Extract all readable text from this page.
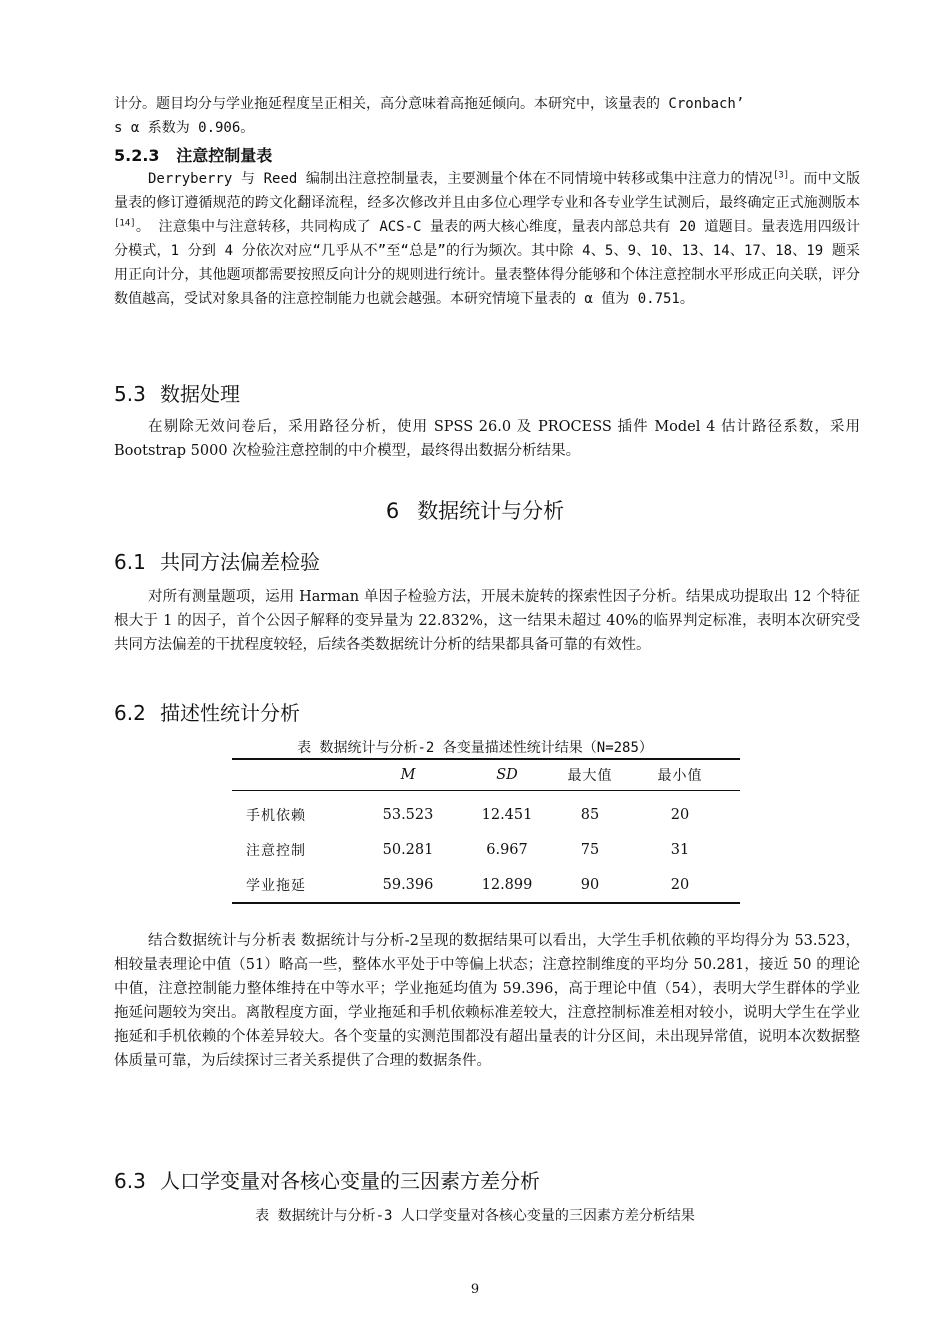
计分。题目均分与学业拖延程度呈正相关，高分意味着高拖延倾向。本研究中，该量表的 Cronbach’
s α 系数为 0.906。
5.2.3 注意控制量表
Derryberry 与 Reed 编制出注意控制量表，主要测量个体在不同情境中转移或集中注意力的情况[3]。而中文版量表的修订遵循规范的跨文化翻译流程，经多次修改并且由多位心理学专业和各专业学生试测后，最终确定正式施测版本[14]。 注意集中与注意转移，共同构成了 ACS-C 量表的两大核心维度，量表内部总共有 20 道题目。量表选用四级计分模式，1 分到 4 分依次对应“几乎从不”至“总是”的行为频次。其中除 4、5、9、10、13、14、17、18、19 题采用正向计分，其他题项都需要按照反向计分的规则进行统计。量表整体得分能够和个体注意控制水平形成正向关联，评分数值越高，受试对象具备的注意控制能力也就会越强。本研究情境下量表的 α 值为 0.751。
5.3 数据处理
在剔除无效问卷后，采用路径分析，使用 SPSS 26.0 及 PROCESS 插件 Model 4 估计路径系数，采用 Bootstrap 5000 次检验注意控制的中介模型，最终得出数据分析结果。
6 数据统计与分析
6.1 共同方法偏差检验
对所有测量题项，运用 Harman 单因子检验方法，开展未旋转的探索性因子分析。结果成功提取出 12 个特征根大于 1 的因子，首个公因子解释的变异量为 22.832%，这一结果未超过 40%的临界判定标准，表明本次研究受共同方法偏差的干扰程度较轻，后续各类数据统计分析的结果都具备可靠的有效性。
6.2 描述性统计分析
表 数据统计与分析-2 各变量描述性统计结果（N=285）
	M	SD	最大值	最小值
手机依赖	53.523	12.451	85	20
注意控制	50.281	6.967	75	31
学业拖延	59.396	12.899	90	20
结合数据统计与分析表 数据统计与分析-2呈现的数据结果可以看出，大学生手机依赖的平均得分为 53.523，相较量表理论中值（51）略高一些，整体水平处于中等偏上状态；注意控制维度的平均分 50.281，接近 50 的理论中值，注意控制能力整体维持在中等水平；学业拖延均值为 59.396，高于理论中值（54），表明大学生群体的学业拖延问题较为突出。离散程度方面，学业拖延和手机依赖标准差较大，注意控制标准差相对较小，说明大学生在学业拖延和手机依赖的个体差异较大。各个变量的实测范围都没有超出量表的计分区间，未出现异常值，说明本次数据整体质量可靠，为后续探讨三者关系提供了合理的数据条件。
6.3 人口学变量对各核心变量的三因素方差分析
表 数据统计与分析-3 人口学变量对各核心变量的三因素方差分析结果
9
